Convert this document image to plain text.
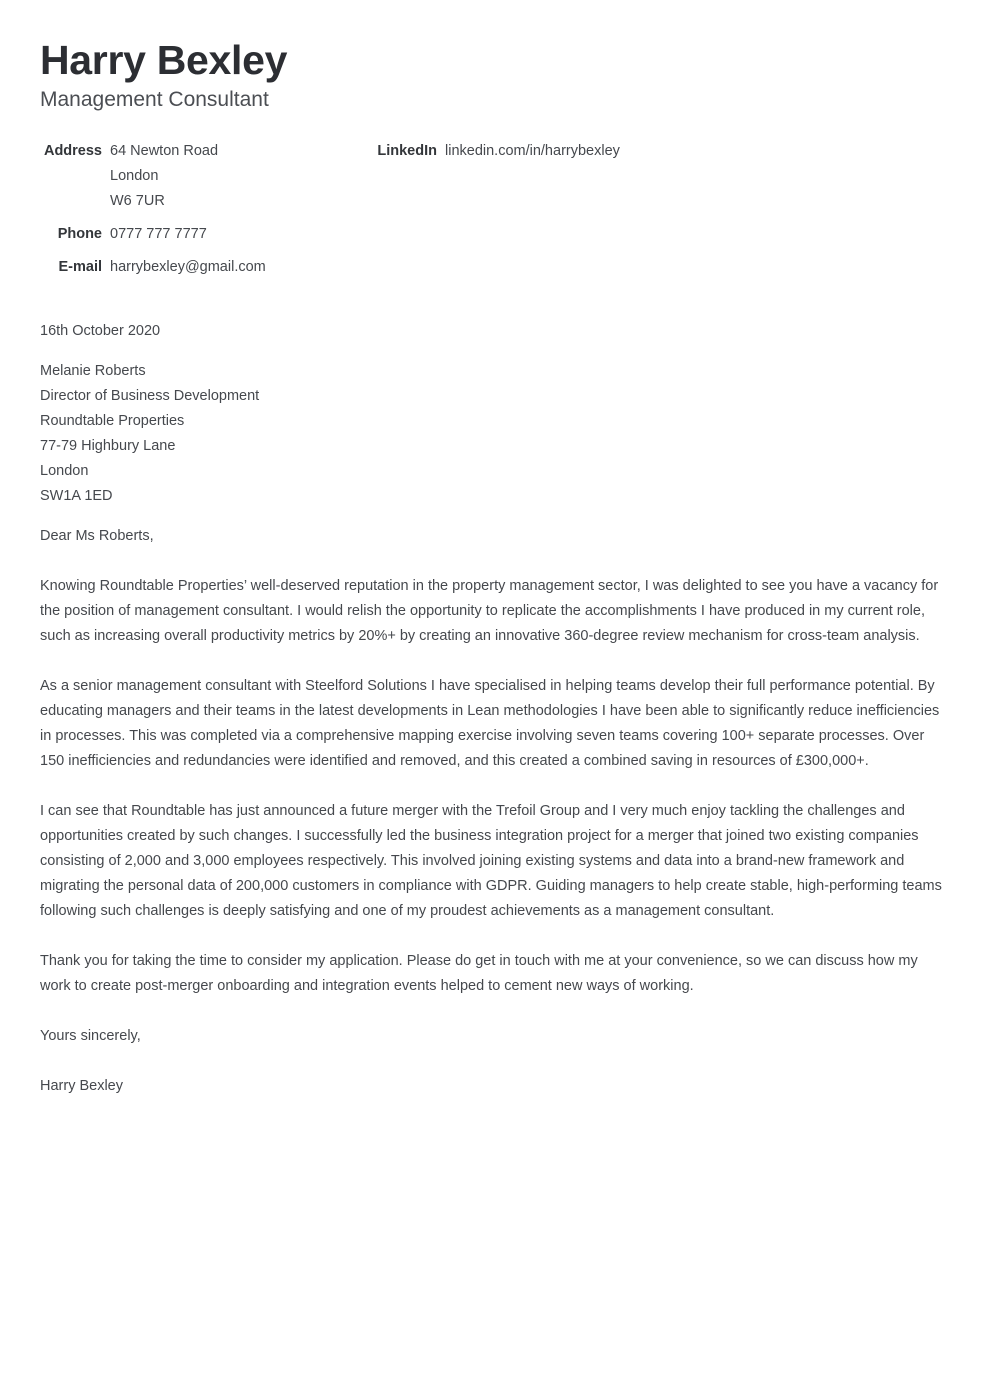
Harry Bexley
Management Consultant
Address 64 Newton Road
London
W6 7UR
Phone 0777 777 7777
E-mail harrybexley@gmail.com
LinkedIn linkedin.com/in/harrybexley
16th October 2020
Melanie Roberts
Director of Business Development
Roundtable Properties
77-79 Highbury Lane
London
SW1A 1ED
Dear Ms Roberts,

Knowing Roundtable Properties’ well-deserved reputation in the property management sector, I was delighted to see you have a vacancy for the position of management consultant. I would relish the opportunity to replicate the accomplishments I have produced in my current role, such as increasing overall productivity metrics by 20%+ by creating an innovative 360-degree review mechanism for cross-team analysis.

As a senior management consultant with Steelford Solutions I have specialised in helping teams develop their full performance potential. By educating managers and their teams in the latest developments in Lean methodologies I have been able to significantly reduce inefficiencies in processes. This was completed via a comprehensive mapping exercise involving seven teams covering 100+ separate processes. Over 150 inefficiencies and redundancies were identified and removed, and this created a combined saving in resources of £300,000+.

I can see that Roundtable has just announced a future merger with the Trefoil Group and I very much enjoy tackling the challenges and opportunities created by such changes. I successfully led the business integration project for a merger that joined two existing companies consisting of 2,000 and 3,000 employees respectively. This involved joining existing systems and data into a brand-new framework and migrating the personal data of 200,000 customers in compliance with GDPR. Guiding managers to help create stable, high-performing teams following such challenges is deeply satisfying and one of my proudest achievements as a management consultant.

Thank you for taking the time to consider my application. Please do get in touch with me at your convenience, so we can discuss how my work to create post-merger onboarding and integration events helped to cement new ways of working.

Yours sincerely,
Harry Bexley
